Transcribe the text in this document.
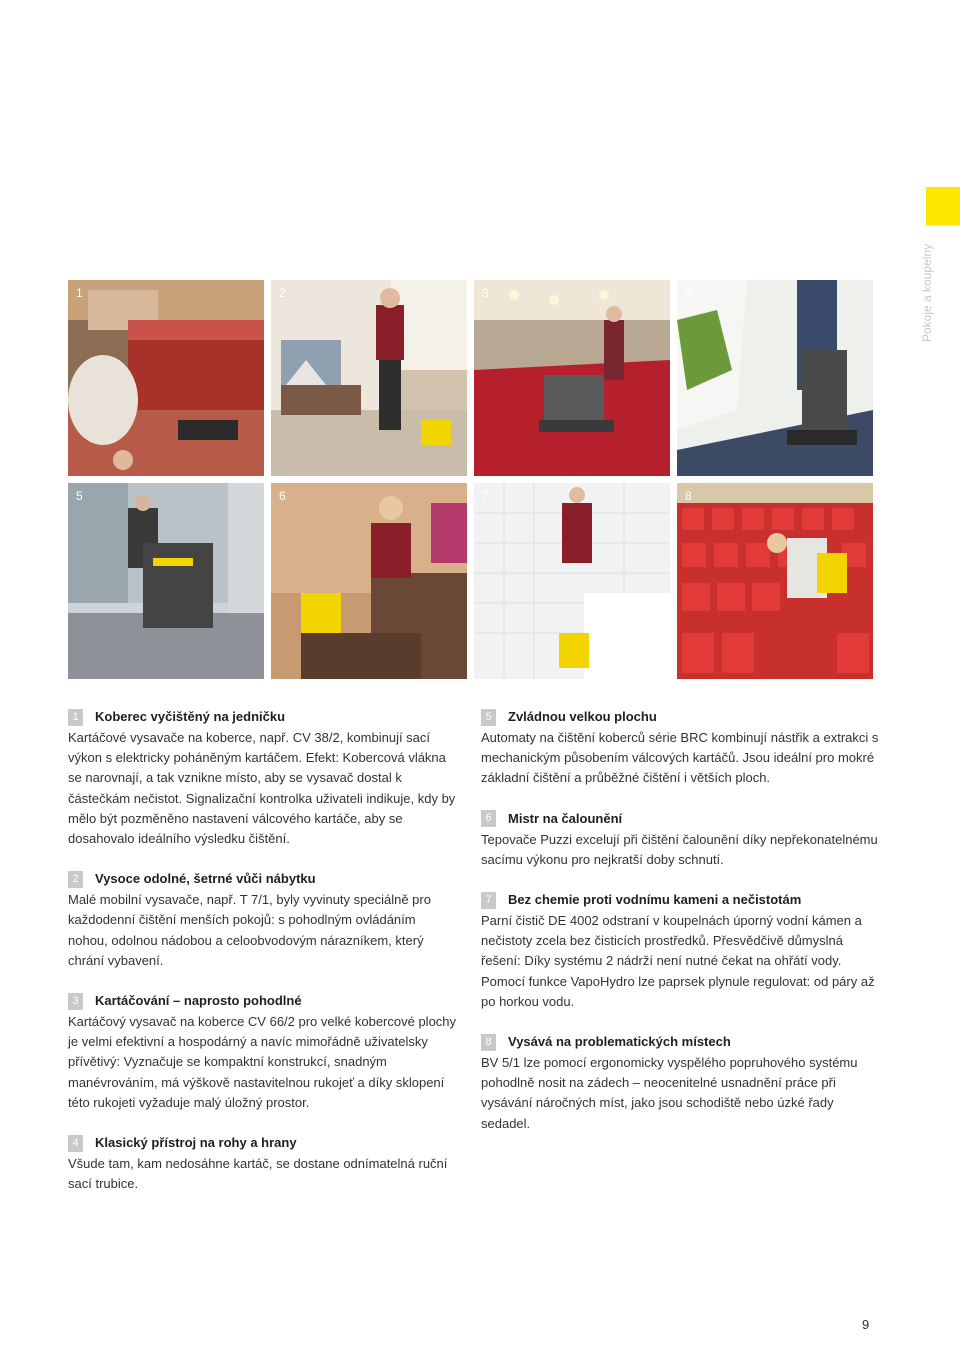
Pokoje a koupelny
1	2	3	4
5	6	7	8
1	Koberec vyčištěný na jedničku
Kartáčové vysavače na koberce, např. CV 38/2, kombinují sací výkon s elektricky poháněným kartáčem. Efekt: Kobercová vlákna se narovnají, a tak vznikne místo, aby se vysavač dostal k částečkám nečistot. Signalizační kontrolka uživateli indikuje, kdy by mělo být pozměněno nastavení válcového kartáče, aby se dosahovalo ideálního výsledku čištění.
2	Vysoce odolné, šetrné vůči nábytku
Malé mobilní vysavače, např. T 7/1, byly vyvinuty speciálně pro každodenní čištění menších pokojů: s pohodlným ovládáním nohou, odolnou nádobou a celoobvodovým nárazníkem, který chrání vybavení.
3	Kartáčování – naprosto pohodlné
Kartáčový vysavač na koberce CV 66/2 pro velké kobercové plochy je velmi efektivní a hospodárný a navíc mimořádně uživatelsky přívětivý: Vyznačuje se kompaktní konstrukcí, snadným manévrováním, má výškově nastavitelnou rukojeť a díky sklopení této rukojeti vyžaduje malý úložný prostor.
4	Klasický přístroj na rohy a hrany
Všude tam, kam nedosáhne kartáč, se dostane odnímatelná ruční sací trubice.
5	Zvládnou velkou plochu
Automaty na čištění koberců série BRC kombinují nástřik a extrakci s mechanickým působením válcových kartáčů. Jsou ideální pro mokré základní čištění a průběžné čištění i větších ploch.
6	Mistr na čalounění
Tepovače Puzzi excelují při čištění čalounění díky nepřekonatelnému sacímu výkonu pro nejkratší doby schnutí.
7	Bez chemie proti vodnímu kameni a nečistotám
Parní čistič DE 4002 odstraní v koupelnách úporný vodní kámen a nečistoty zcela bez čisticích prostředků. Přesvědčivě důmyslná řešení: Díky systému 2 nádrží není nutné čekat na ohřátí vody. Pomocí funkce VapoHydro lze paprsek plynule regulovat: od páry až po horkou vodu.
8	Vysává na problematických místech
BV 5/1 lze pomocí ergonomicky vyspělého popruhového systému pohodlně nosit na zádech – neocenitelné usnadnění práce při vysávání náročných míst, jako jsou schodiště nebo úzké řady sedadel.
9
